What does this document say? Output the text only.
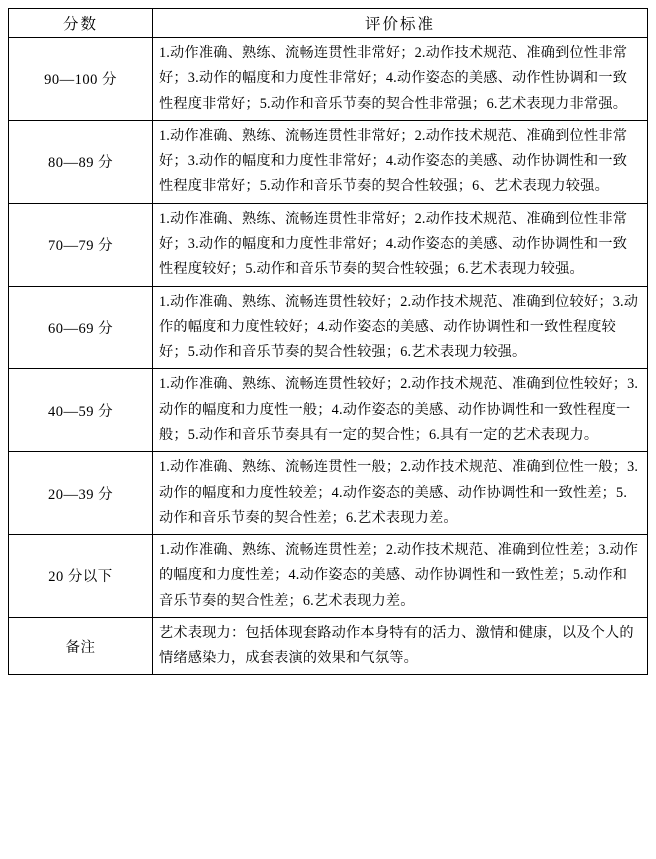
分数	评价标准
90—100 分	1.动作准确、熟练、流畅连贯性非常好；2.动作技术规范、准确到位性非常好；3.动作的幅度和力度性非常好；4.动作姿态的美感、动作性协调和一致性程度非常好；5.动作和音乐节奏的契合性非常强；6.艺术表现力非常强。
80—89 分	1.动作准确、熟练、流畅连贯性非常好；2.动作技术规范、准确到位性非常好；3.动作的幅度和力度性非常好；4.动作姿态的美感、动作协调性和一致性程度非常好；5.动作和音乐节奏的契合性较强；6、艺术表现力较强。
70—79 分	1.动作准确、熟练、流畅连贯性非常好；2.动作技术规范、准确到位性非常好；3.动作的幅度和力度性非常好；4.动作姿态的美感、动作协调性和一致性程度较好；5.动作和音乐节奏的契合性较强；6.艺术表现力较强。
60—69 分	1.动作准确、熟练、流畅连贯性较好；2.动作技术规范、准确到位较好；3.动作的幅度和力度性较好；4.动作姿态的美感、动作协调性和一致性程度较好；5.动作和音乐节奏的契合性较强；6.艺术表现力较强。
40—59 分	1.动作准确、熟练、流畅连贯性较好；2.动作技术规范、准确到位性较好；3.动作的幅度和力度性一般；4.动作姿态的美感、动作协调性和一致性程度一般；5.动作和音乐节奏具有一定的契合性；6.具有一定的艺术表现力。
20—39 分	1.动作准确、熟练、流畅连贯性一般；2.动作技术规范、准确到位性一般；3.动作的幅度和力度性较差；4.动作姿态的美感、动作协调性和一致性差；5.动作和音乐节奏的契合性差；6.艺术表现力差。
20 分以下	1.动作准确、熟练、流畅连贯性差；2.动作技术规范、准确到位性差；3.动作的幅度和力度性差；4.动作姿态的美感、动作协调性和一致性差；5.动作和音乐节奏的契合性差；6.艺术表现力差。
备注	艺术表现力：包括体现套路动作本身特有的活力、激情和健康，以及个人的情绪感染力，成套表演的效果和气氛等。
